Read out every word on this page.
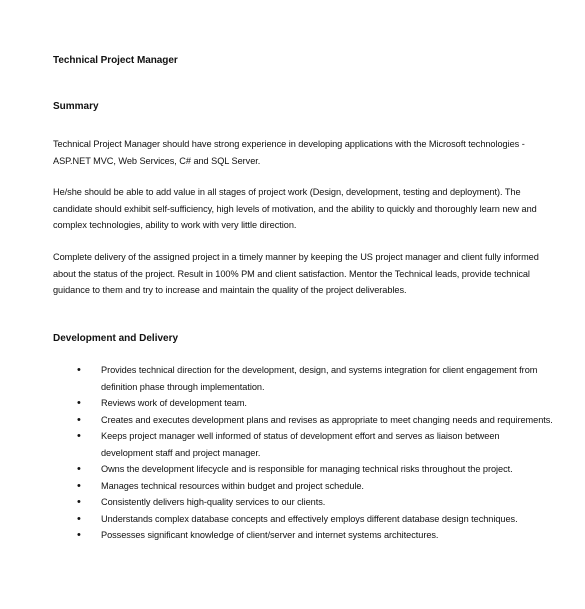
Technical Project Manager
Summary

Technical Project Manager should have strong experience in developing applications with the Microsoft technologies - ASP.NET MVC, Web Services, C# and SQL Server.

He/she should be able to add value in all stages of project work (Design, development, testing and deployment). The candidate should exhibit self-sufficiency, high levels of motivation, and the ability to quickly and thoroughly learn new and complex technologies, ability to work with very little direction.

Complete delivery of the assigned project in a timely manner by keeping the US project manager and client fully informed about the status of the project. Result in 100% PM and client satisfaction. Mentor the Technical leads, provide technical guidance to them and try to increase and maintain the quality of the project deliverables.

Development and Delivery
• Provides technical direction for the development, design, and systems integration for client engagement from definition phase through implementation.
• Reviews work of development team.
• Creates and executes development plans and revises as appropriate to meet changing needs and requirements.
• Keeps project manager well informed of status of development effort and serves as liaison between development staff and project manager.
• Owns the development lifecycle and is responsible for managing technical risks throughout the project.
• Manages technical resources within budget and project schedule.
• Consistently delivers high-quality services to our clients.
• Understands complex database concepts and effectively employs different database design techniques.
• Possesses significant knowledge of client/server and internet systems architectures.
